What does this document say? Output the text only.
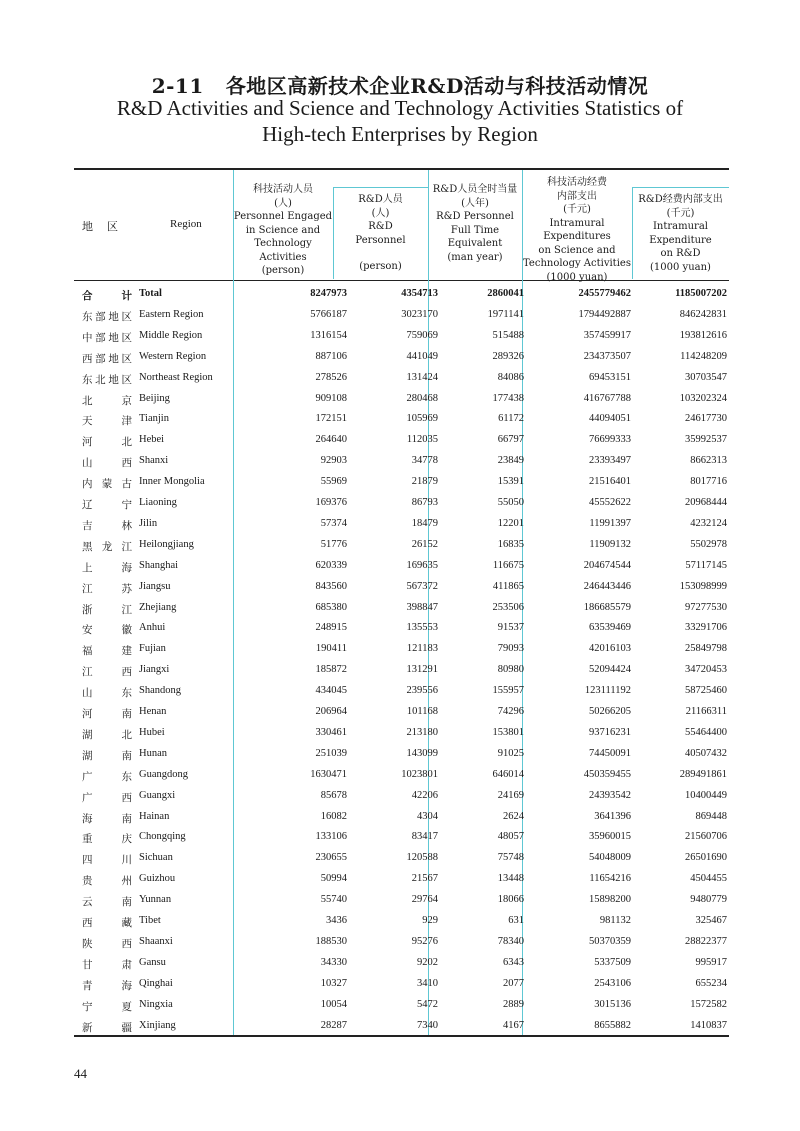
2-11 各地区高新技术企业R&D活动与科技活动情况
R&D Activities and Science and Technology Activities Statistics of
High-tech Enterprises by Region
地区	Region
科技活动人员
(人)
Personnel Engaged
in Science and
Technology Activities
(person)
R&D人员
(人)
R&D
Personnel
(person)
R&D人员全时当量
(人年)
R&D Personnel
Full Time
Equivalent
(man year)
科技活动经费
内部支出
(千元)
Intramural Expenditures
on Science and
Technology Activities
(1000 yuan)
R&D经费内部支出
(千元)
Intramural
Expenditure
on R&D
(1000 yuan)
合计 Total	8247973	4354713	2860041	2455779462	1185007202
东部地区 Eastern Region	5766187	3023170	1971141	1794492887	846242831
中部地区 Middle Region	1316154	759069	515488	357459917	193812616
西部地区 Western Region	887106	441049	289326	234373507	114248209
东北地区 Northeast Region	278526	131424	84086	69453151	30703547
北京 Beijing	909108	280468	177438	416767788	103202324
天津 Tianjin	172151	105969	61172	44094051	24617730
河北 Hebei	264640	112035	66797	76699333	35992537
山西 Shanxi	92903	34778	23849	23393497	8662313
内蒙古 Inner Mongolia	55969	21879	15391	21516401	8017716
辽宁 Liaoning	169376	86793	55050	45552622	20968444
吉林 Jilin	57374	18479	12201	11991397	4232124
黑龙江 Heilongjiang	51776	26152	16835	11909132	5502978
上海 Shanghai	620339	169635	116675	204674544	57117145
江苏 Jiangsu	843560	567372	411865	246443446	153098999
浙江 Zhejiang	685380	398847	253506	186685579	97277530
安徽 Anhui	248915	135553	91537	63539469	33291706
福建 Fujian	190411	121183	79093	42016103	25849798
江西 Jiangxi	185872	131291	80980	52094424	34720453
山东 Shandong	434045	239556	155957	123111192	58725460
河南 Henan	206964	101168	74296	50266205	21166311
湖北 Hubei	330461	213180	153801	93716231	55464400
湖南 Hunan	251039	143099	91025	74450091	40507432
广东 Guangdong	1630471	1023801	646014	450359455	289491861
广西 Guangxi	85678	42206	24169	24393542	10400449
海南 Hainan	16082	4304	2624	3641396	869448
重庆 Chongqing	133106	83417	48057	35960015	21560706
四川 Sichuan	230655	120588	75748	54048009	26501690
贵州 Guizhou	50994	21567	13448	11654216	4504455
云南 Yunnan	55740	29764	18066	15898200	9480779
西藏 Tibet	3436	929	631	981132	325467
陕西 Shaanxi	188530	95276	78340	50370359	28822377
甘肃 Gansu	34330	9202	6343	5337509	995917
青海 Qinghai	10327	3410	2077	2543106	655234
宁夏 Ningxia	10054	5472	2889	3015136	1572582
新疆 Xinjiang	28287	7340	4167	8655882	1410837
44
